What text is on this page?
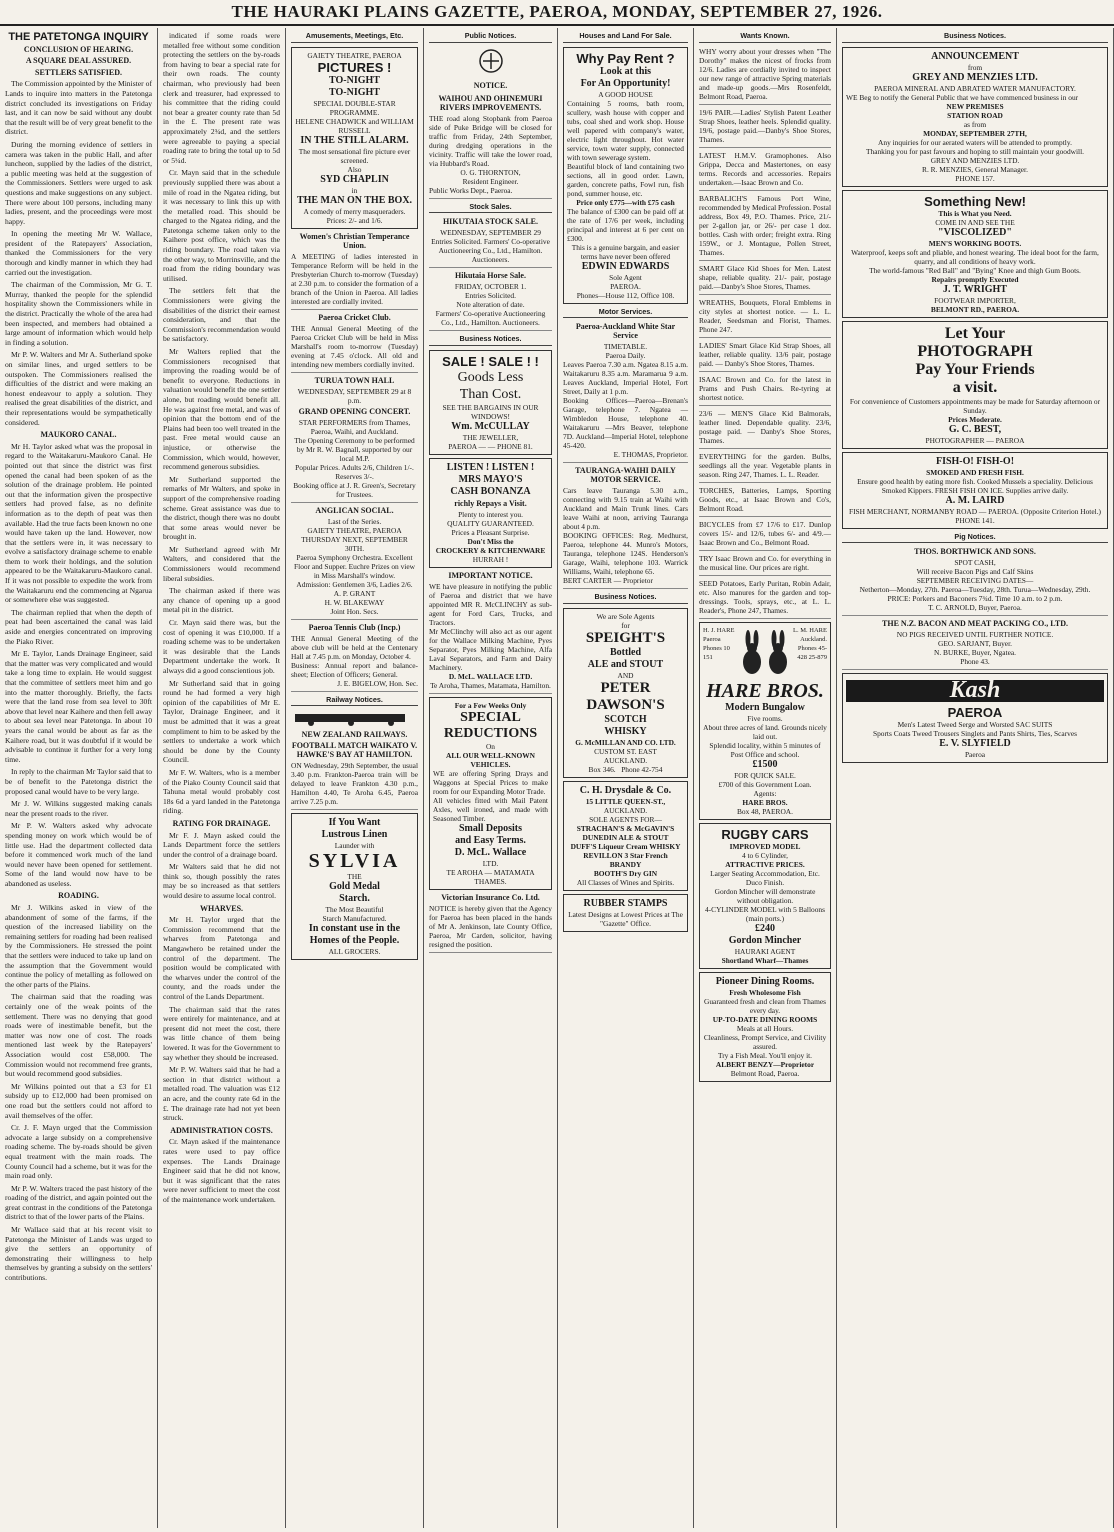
THE HAURAKI PLAINS GAZETTE, PAEROA, MONDAY, SEPTEMBER 27, 1926.
THE PATETONGA INQUIRY
CONCLUSION OF HEARING.
A SQUARE DEAL ASSURED.
SETTLERS SATISFIED.
The Commission appointed by the Minister of Lands to inquire into matters in the Patetonga district concluded its investigations on Friday last, and it can now be said without any doubt that the result will be of very great benefit to the district.
During the morning evidence of settlers in camera was taken in the public Hall, and after luncheon, supplied by the ladies of the district, a public meeting was held at the suggestion of the Commissioners. Settlers were urged to ask questions and make suggestions on any subject. There were about 100 persons, including many ladies, present, and the proceedings were most happy.
In opening the meeting Mr W. Wallace, president of the Ratepayers' Association, thanked the Commissioners for the very thorough and kindly manner in which they had carried out the investigation.
The chairman of the Commission, Mr G. T. Murray, thanked the people for the splendid hospitality shown the Commissioners while in the district. Practically the whole of the area had been inspected, and members had obtained a large amount of information which would help in finding a solution.
Mr P. W. Walters and Mr A. Sutherland spoke on similar lines, and urged settlers to be outspoken. The Commissioners realised the difficulties of the district and were making an honest endeavour to apply a solution. They realised the great disabilities of the district, and their representations would be sympathetically considered.
MAUKORO CANAL.
Mr H. Taylor asked what was the proposal in regard to the Waitakaruru-Maukoro Canal. He pointed out that since the district was first opened the canal had been spoken of as the solution of the drainage problem. He pointed out that the information given the prospective settlers had proved false, as no definite information as to the depth of peat was then available. Had the true facts been known no one would have taken up the land. However, now that the settlers were in, it was necessary to evolve a satisfactory drainage scheme to enable them to work their holdings, and the solution appeared to be the Waitakaruru-Maukoro canal. If it was not possible to expedite the work from the Waitakaruru end the commencing at Ngarua or somewhere else was suggested.
The chairman replied that when the depth of peat had been ascertained the canal was laid aside and energies concentrated on improving the Piako River.
Mr E. Taylor, Lands Drainage Engineer, said that the matter was very complicated and would take a long time to explain. He would suggest that the committee of settlers meet him and go into the matter thoroughly. Briefly, the facts were that the land rose from sea level to 30ft above that level near Kaihere and then fell away to about sea level near Patetonga. In about 10 years the canal would be about as far as the Kaihere road, but it was doubtful if it would be advisable to continue it further for a very long time.
In reply to the chairman Mr Taylor said that to be of benefit to the Patetonga district the proposed canal would have to be very large.
Mr J. W. Wilkins suggested making canals near the present roads to the river.
Mr P. W. Walters asked why advocate spending money on work which would be of little use. Had the department collected data before it commenced work much of the land would never have been opened for settlement. Some of the land would now have to be abandoned as useless.
ROADING.
Mr J. Wilkins asked in view of the abandonment of some of the farms, if the question of the increased liability on the remaining settlers for roading had been realised by the Commissioners. He stressed the point that the settlers were induced to take up land on the assumption that the Government would continue the policy of metalling as followed on the other parts of the Plains.
The chairman said that the roading was certainly one of the weak points of the settlement. There was no denying that good roads were of inestimable benefit, but the matter was now one of cost. The roads mentioned last week by the Ratepayers' Association would cost £58,000. The Commission would not recommend free grants, but would recommend good subsidies.
Mr Wilkins pointed out that a £3 for £1 subsidy up to £12,000 had been promised on one road but the settlers could not afford to avail themselves of the offer.
Cr. J. F. Mayn urged that the Commission advocate a large subsidy on a comprehensive roading scheme. The by-roads should be given equal treatment with the main roads. The County Council had a scheme, but it was for the main road only.
Mr P. W. Walters traced the past history of the roading of the district, and again pointed out the great contrast in the conditions of the Patetonga district to that of the lower parts of the Plains.
Mr Wallace said that at his recent visit to Patetonga the Minister of Lands was urged to give the settlers an opportunity of demonstrating their willingness to help themselves by granting a subsidy on the settlers' contributions.
indicated if some roads were metalled free without some condition protecting the settlers on the by-roads from having to bear a special rate for their own roads. The county chairman, who previously had been clerk and treasurer, had expressed to his committee that the riding could not bear a greater county rate than 5d in the £. The present rate was approximately 2¾d, and the settlers were agreeable to paying a special roading rate to bring the total up to 5d or 5¼d.
Cr. Mayn said that in the schedule previously supplied there was about a mile of road in the Ngatea riding, but it was necessary to link this up with the metalled road. This should be charged to the Ngatea riding, and the Patetonga scheme taken only to the Kaihere post office, which was the riding boundary. The road taken via the other way, to Morrinsville, and the road from the riding boundary was utilised.
The settlers felt that the Commissioners were giving the disabilities of the district their earnest consideration, and that the Commission's recommendation would be satisfactory.
Mr Walters replied that the Commissioners recognised that improving the roading would be of benefit to everyone. Reductions in valuation would benefit the one settler alone, but roading would benefit all. He was against free metal, and was of opinion that the bottom end of the Plains had been too well treated in the past. Free metal would cause an injustice, or otherwise the Commission, which would, however, recommend generous subsidies.
Mr Sutherland supported the remarks of Mr Walters, and spoke in support of the comprehensive roading scheme. Great assistance was due to the district, though there was no doubt that some areas would never be brought in.
Mr Sutherland agreed with Mr Walters, and considered that the Commissioners would recommend liberal subsidies.
The chairman asked if there was any chance of opening up a good metal pit in the district.
Cr. Mayn said there was, but the cost of opening it was £10,000. If a roading scheme was to be undertaken it was desirable that the Lands Department undertake the work. It always did a good conscientious job.
Mr Sutherland said that in going round he had formed a very high opinion of the capabilities of Mr E. Taylor, Drainage Engineer, and it must be admitted that it was a great compliment to him to be asked by the settlers to undertake a work which should be done by the County Council.
Mr F. W. Walters, who is a member of the Piako County Council said that Tahuna metal would probably cost 18s 6d a yard landed in the Patetonga riding.
RATING FOR DRAINAGE.
Mr F. J. Mayn asked could the Lands Department force the settlers under the control of a drainage board.
Mr Walters said that he did not think so, though possibly the rates may be so increased as that settlers would desire to assume local control.
WHARVES.
Mr H. Taylor urged that the Commission recommend that the wharves from Patetonga and Mangawhero be retained under the control of the department. The position would be complicated with the wharves under the control of the county, and the roads under the control of the Lands Department.
The chairman said that the rates were entirely for maintenance, and at present did not meet the cost, there was little chance of them being lowered. It was for the Government to say whether they should be increased.
Mr P. W. Walters said that he had a section in that district without a metalled road. The valuation was £12 an acre, and the county rate 6d in the £. The drainage rate had not yet been struck.
ADMINISTRATION COSTS.
Cr. Mayn asked if the maintenance rates were used to pay office expenses. The Lands Drainage Engineer said that he did not know, but it was significant that the rates were never sufficient to meet the cost of the maintenance work undertaken.
Amusements, Meetings, Etc.

GAIETY THEATRE, PAEROA

PICTURES !
TO-NIGHT
TO-NIGHT

SPECIAL DOUBLE-STAR PROGRAMME.

HELENE CHADWICK and WILLIAM RUSSELL

IN THE STILL ALARM.

The most sensational fire picture ever screened.

Also

SYD CHAPLIN

in

THE MAN ON THE BOX.

A comedy of merry masqueraders.

Prices: 2/- and 1/6.

Women's Christian Temperance Union.
A MEETING of ladies interested in Temperance Reform will be held in the Presbyterian Church to-morrow (Tuesday) at 2.30 p.m. to consider the formation of a branch of the Union in Paeroa. All ladies interested are cordially invited.
Paeroa Cricket Club.
THE Annual General Meeting of the Paeroa Cricket Club will be held in Miss Marshall's room to-morrow (Tuesday) evening at 7.45 o'clock. All old and intending new members cordially invited.
TURUA TOWN HALL
WEDNESDAY, SEPTEMBER 29 at 8 p.m.
GRAND OPENING CONCERT.
STAR PERFORMERS from Thames, Paeroa, Waihi, and Auckland.
The Opening Ceremony to be performed by Mr R. W. Bagnall, supported by our local M.P.
Popular Prices. Adults 2/6, Children 1/-. Reserves 3/-.
Booking office at J. R. Green's, Secretary for Trustees.
ANGLICAN SOCIAL.
Last of the Series.
GAIETY THEATRE, PAEROA THURSDAY NEXT, SEPTEMBER 30TH.
Paeroa Symphony Orchestra. Excellent Floor and Supper. Euchre Prizes on view in Miss Marshall's window.
Admission: Gentlemen 3/6, Ladies 2/6.
A. P. GRANT
H. W. BLAKEWAY
Joint Hon. Secs.
Paeroa Tennis Club (Incp.)
THE Annual General Meeting of the above club will be held at the Centenary Hall at 7.45 p.m. on Monday, October 4.
Business: Annual report and balance-sheet; Election of Officers; General.
J. E. BIGELOW, Hon. Sec.
Railway Notices.
NEW ZEALAND RAILWAYS.
FOOTBALL MATCH WAIKATO V. HAWKE'S BAY AT HAMILTON.
ON Wednesday, 29th September, the usual 3.40 p.m. Frankton-Paeroa train will be delayed to leave Frankton 4.30 p.m., Hamilton 4.40, Te Aroha 6.45, Paeroa arrive 7.25 p.m.
If You Want
Lustrous Linen

Launder with

SYLVIA

THE

Gold Medal
Starch.

The Most Beautiful

Starch Manufactured.

In constant use in the
Homes of the People.

ALL GROCERS.

Public Notices.
NOTICE.
WAIHOU AND OHINEMURI RIVERS IMPROVEMENTS.
THE road along Stopbank from Paeroa side of Puke Bridge will be closed for traffic from Friday, 24th September, during dredging operations in the vicinity. Traffic will take the lower road, via Hubbard's Road.
O. G. THORNTON,
Resident Engineer.
Public Works Dept., Paeroa.
Stock Sales.
HIKUTAIA STOCK SALE.
WEDNESDAY, SEPTEMBER 29
Entries Solicited. Farmers' Co-operative Auctioneering Co., Ltd., Hamilton. Auctioneers.
Hikutaia Horse Sale.
FRIDAY, OCTOBER 1.
Entries Solicited.
Note alteration of date.
Farmers' Co-operative Auctioneering Co., Ltd., Hamilton. Auctioneers.
Business Notices.
SALE ! SALE ! !
Goods Less
Than Cost.

SEE THE BARGAINS IN OUR WINDOWS!

Wm. McCULLAY

THE JEWELLER,

PAEROA — — PHONE 81.

LISTEN ! LISTEN !
MRS MAYO'S
CASH BONANZA
richly Repays a Visit.

Plenty to interest you.

QUALITY GUARANTEED.

Prices a Pleasant Surprise.

Don't Miss the

CROCKERY & KITCHENWARE

HURRAH !

IMPORTANT NOTICE.
WE have pleasure in notifying the public of Paeroa and district that we have appointed MR R. McCLINCHY as sub-agent for Ford Cars, Trucks, and Tractors.
Mr McClinchy will also act as our agent for the Wallace Milking Machine, Pyes Separator, Pyes Milking Machine, Alfa Laval Separators, and Farm and Dairy Machinery.
D. McL. WALLACE LTD.
Te Aroha, Thames, Matamata, Hamilton.

For a Few Weeks Only

SPECIAL
REDUCTIONS

On

ALL OUR WELL-KNOWN

VEHICLES.

WE are offering Spring Drays and Waggons at Special Prices to make room for our Expanding Motor Trade.

All vehicles fitted with Mail Patent Axles, well ironed, and made with Seasoned Timber.

Small Deposits
and Easy Terms.
D. McL. Wallace

LTD.

TE AROHA — MATAMATA

THAMES.

Victorian Insurance Co. Ltd.
NOTICE is hereby given that the Agency for Paeroa has been placed in the hands of Mr A. Jenkinson, late County Office, Paeroa, Mr Carden, solicitor, having resigned the position.
Houses and Land For Sale.
Why Pay Rent ?
Look at this
For An Opportunity!

A GOOD HOUSE

Containing 5 rooms, bath room, scullery, wash house with copper and tubs, coal shed and work shop. House well papered with company's water, electric light throughout. Hot water service, town water supply, connected with town sewerage system.

Beautiful block of land containing two sections, all in good order. Lawn, garden, concrete paths, Fowl run, fish pond, summer house, etc.

Price only £775—with £75 cash

The balance of £300 can be paid off at the rate of 17/6 per week, including principal and interest at 6 per cent on £300.

This is a genuine bargain, and easier terms have never been offered

EDWIN EDWARDS

Sole Agent

PAEROA.

Phones—House 112, Office 108.

Motor Services.
Paeroa-Auckland White Star Service
TIMETABLE.
Paeroa Daily.
Leaves Paeroa 7.30 a.m. Ngatea 8.15 a.m. Waitakaruru 8.35 a.m. Maramarua 9 a.m. Leaves Auckland, Imperial Hotel, Fort Street, Daily at 1 p.m.
Booking Offices—Paeroa—Brenan's Garage, telephone 7. Ngatea — Wimbledon House, telephone 40. Waitakaruru —Mrs Beaver, telephone 7D. Auckland—Imperial Hotel, telephone 45-420.
E. THOMAS, Proprietor.
TAURANGA-WAIHI DAILY MOTOR SERVICE.
Cars leave Tauranga 5.30 a.m., connecting with 9.15 train at Waihi with Auckland and Main Trunk lines. Cars leave Waihi at noon, arriving Tauranga about 4 p.m.
BOOKING OFFICES: Reg. Medhurst, Paeroa, telephone 44. Munro's Motors, Tauranga, telephone 124S. Henderson's Garage, Waihi, telephone 103. Warrick Williams, Waihi, telephone 65.
BERT CARTER — Proprietor
Business Notices.

We are Sole Agents

for

SPEIGHT'S
Bottled
ALE and STOUT

AND

PETER
DAWSON'S
SCOTCH
WHISKY

G. McMILLAN AND CO. LTD.

CUSTOM ST. EAST

AUCKLAND.

Box 346. Phone 42-754

C. H. Drysdale & Co.

15 LITTLE QUEEN-ST.,

AUCKLAND.

SOLE AGENTS FOR—

STRACHAN'S & McGAVIN'S

DUNEDIN ALE & STOUT

DUFF'S Liqueur Cream WHISKY

REVILLON 3 Star French BRANDY

BOOTH'S Dry GIN

All Classes of Wines and Spirits.

RUBBER STAMPS

Latest Designs at Lowest Prices at The "Gazette" Office.

Wants Known.
WHY worry about your dresses when "The Dorothy" makes the nicest of frocks from 12/6. Ladies are cordially invited to inspect our new range of attractive Spring materials and made-up goods.—Mrs Rosenfeldt, Belmont Road, Paeroa.
19/6 PAIR.—Ladies' Stylish Patent Leather Strap Shoes, leather heels. Splendid quality. 19/6, postage paid.—Danby's Shoe Stores, Thames.
LATEST H.M.V. Gramophones. Also Grippa, Decca and Mastertones, on easy terms. Records and accessories. Repairs undertaken.—Isaac Brown and Co.
BARBALICH'S Famous Port Wine, recommended by Medical Profession. Postal address, Box 49, P.O. Thames. Price, 21/- per 2-gallon jar, or 26/- per case 1 doz. bottles. Cash with order; freight extra. Ring 159W., or J. Montague, Pollen Street, Thames.
SMART Glace Kid Shoes for Men. Latest shape, reliable quality. 21/- pair, postage paid.—Danby's Shoe Stores, Thames.
WREATHS, Bouquets, Floral Emblems in city styles at shortest notice. — L. L. Reader, Seedsman and Florist, Thames. Phone 247.
LADIES' Smart Glace Kid Strap Shoes, all leather, reliable quality. 13/6 pair, postage paid. — Danby's Shoe Stores, Thames.
ISAAC Brown and Co. for the latest in Prams and Push Chairs. Re-tyring at shortest notice.
23/6 — MEN'S Glace Kid Balmorals, leather lined. Dependable quality. 23/6, postage paid. — Danby's Shoe Stores, Thames.
EVERYTHING for the garden. Bulbs, seedlings all the year. Vegetable plants in season. Ring 247, Thames. L. L. Reader.
TORCHES, Batteries, Lamps, Sporting Goods, etc., at Isaac Brown and Co's, Belmont Road.
BICYCLES from £7 17/6 to £17. Dunlop covers 15/- and 12/6, tubes 6/- and 4/9.—Isaac Brown and Co., Belmont Road.
TRY Isaac Brown and Co. for everything in the musical line. Our prices are right.
SEED Potatoes, Early Puritan, Robin Adair, etc. Also manures for the garden and top-dressings. Tools, sprays, etc., at L. L. Reader's, Phone 247, Thames.

H. J. HARE Paeroa Phones 10 151

L. M. HARE Auckland. Phones 45-428 25-879

HARE BROS.
Modern Bungalow

Five rooms.

About three acres of land. Grounds nicely laid out.

Splendid locality, within 5 minutes of Post Office and school.

£1500

FOR QUICK SALE.

£700 of this Government Loan.

Agents:

HARE BROS.

Box 48, PAEROA.

RUGBY CARS

IMPROVED MODEL

4 to 6 Cylinder,

ATTRACTIVE PRICES.

Larger Seating Accommodation, Etc. Duco Finish.

Gordon Mincher will demonstrate without obligation.

4-CYLINDER MODEL with 5 Balloons (main ports.)

£240
Gordon Mincher

HAURAKI AGENT

Shortland Wharf—Thames

Pioneer Dining Rooms.

Fresh Wholesome Fish

Guaranteed fresh and clean from Thames every day.

UP-TO-DATE DINING ROOMS

Meals at all Hours.

Cleanliness, Prompt Service, and Civility assured.

Try a Fish Meal. You'll enjoy it.

ALBERT BENZY—Proprietor

Belmont Road, Paeroa.

Business Notices.
ANNOUNCEMENT

from

GREY AND MENZIES LTD.

PAEROA MINERAL AND ABRATED WATER MANUFACTORY.

WE Beg to notify the General Public that we have commenced business in our

NEW PREMISES

STATION ROAD

as from

MONDAY, SEPTEMBER 27TH,

Any inquiries for our aerated waters will be attended to promptly.

Thanking you for past favours and hoping to still maintain your goodwill.

GREY AND MENZIES LTD.

R. R. MENZIES, General Manager.

PHONE 157.

Something New!

This is What you Need.

COME IN AND SEE THE

"VISCOLIZED"

MEN'S WORKING BOOTS.

Waterproof, keeps soft and pliable, and honest wearing. The ideal boot for the farm, quarry, and all conditions of heavy work.

The world-famous "Red Ball" and "Bying" Knee and thigh Gum Boots.

Repairs promptly Executed

J. T. WRIGHT

FOOTWEAR IMPORTER,

BELMONT RD., PAEROA.

Let Your
PHOTOGRAPH
Pay Your Friends
a visit.

For convenience of Customers appointments may be made for Saturday afternoon or Sunday.

Prices Moderate.

G. C. BEST,

PHOTOGRAPHER — PAEROA

FISH-O! FISH-O!

SMOKED AND FRESH FISH.

Ensure good health by eating more fish. Cooked Mussels a speciality. Delicious Smoked Kippers. FRESH FISH ON ICE. Supplies arrive daily.

A. M. LAIRD

FISH MERCHANT, NORMANBY ROAD — PAEROA. (Opposite Criterion Hotel.) PHONE 141.

Pig Notices.
THOS. BORTHWICK AND SONS.
SPOT CASH,
Will receive Bacon Pigs and Calf Skins
SEPTEMBER RECEIVING DATES—
Netherton—Monday, 27th. Paeroa—Tuesday, 28th. Turua—Wednesday, 29th.
PRICE: Porkers and Baconers 7¾d. Time 10 a.m. to 2 p.m.
T. C. ARNOLD, Buyer, Paeroa.
THE N.Z. BACON AND MEAT PACKING CO., LTD.
NO PIGS RECEIVED UNTIL FURTHER NOTICE.
GEO. SARJANT, Buyer.
N. BURKE, Buyer, Ngatea.
Phone 43.
Kash
PAEROA

Men's Latest Tweed Serge and Worsted SAC SUITS

Sports Coats Tweed Trousers Singlets and Pants Shirts, Ties, Scarves

E. V. SLYFIELD

Paeroa
